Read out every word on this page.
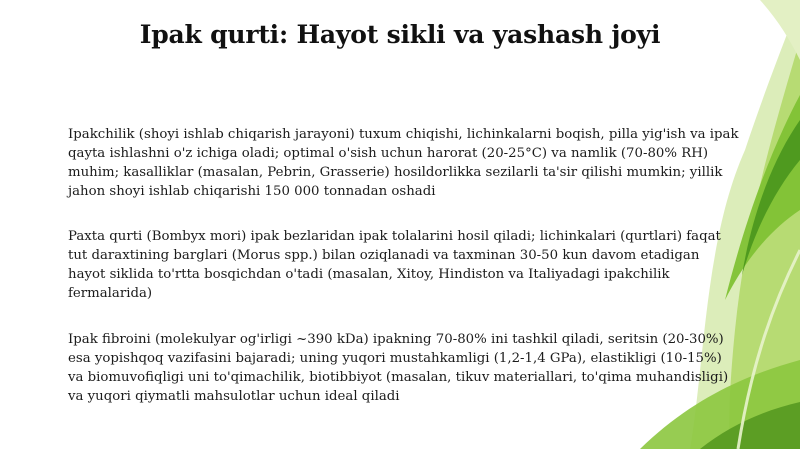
Ipak qurti: Hayot sikli va yashash joyi
Ipakchilik (shoyi ishlab chiqarish jarayoni) tuxum chiqishi, lichinkalarni boqish, pilla yig'ish va ipak qayta ishlashni o'z ichiga oladi; optimal o'sish uchun harorat (20-25°C) va namlik (70-80% RH) muhim; kasalliklar (masalan, Pebrin, Grasserie) hosildorlikka sezilarli ta'sir qilishi mumkin; yillik jahon shoyi ishlab chiqarishi 150 000 tonnadan oshadi
Paxta qurti (Bombyx mori) ipak bezlaridan ipak tolalarini hosil qiladi; lichinkalari (qurtlari) faqat tut daraxtining barglari (Morus spp.) bilan oziqlanadi va taxminan 30-50 kun davom etadigan hayot siklida to'rtta bosqichdan o'tadi (masalan, Xitoy, Hindiston va Italiyadagi ipakchilik fermalarida)
Ipak fibroini (molekulyar og'irligi ~390 kDa) ipakning 70-80% ini tashkil qiladi, seritsin (20-30%) esa yopishqoq vazifasini bajaradi; uning yuqori mustahkamligi (1,2-1,4 GPa), elastikligi (10-15%) va biomuvofiqligi uni to'qimachilik, biotibbiyot (masalan, tikuv materiallari, to'qima muhandisligi) va yuqori qiymatli mahsulotlar uchun ideal qiladi
